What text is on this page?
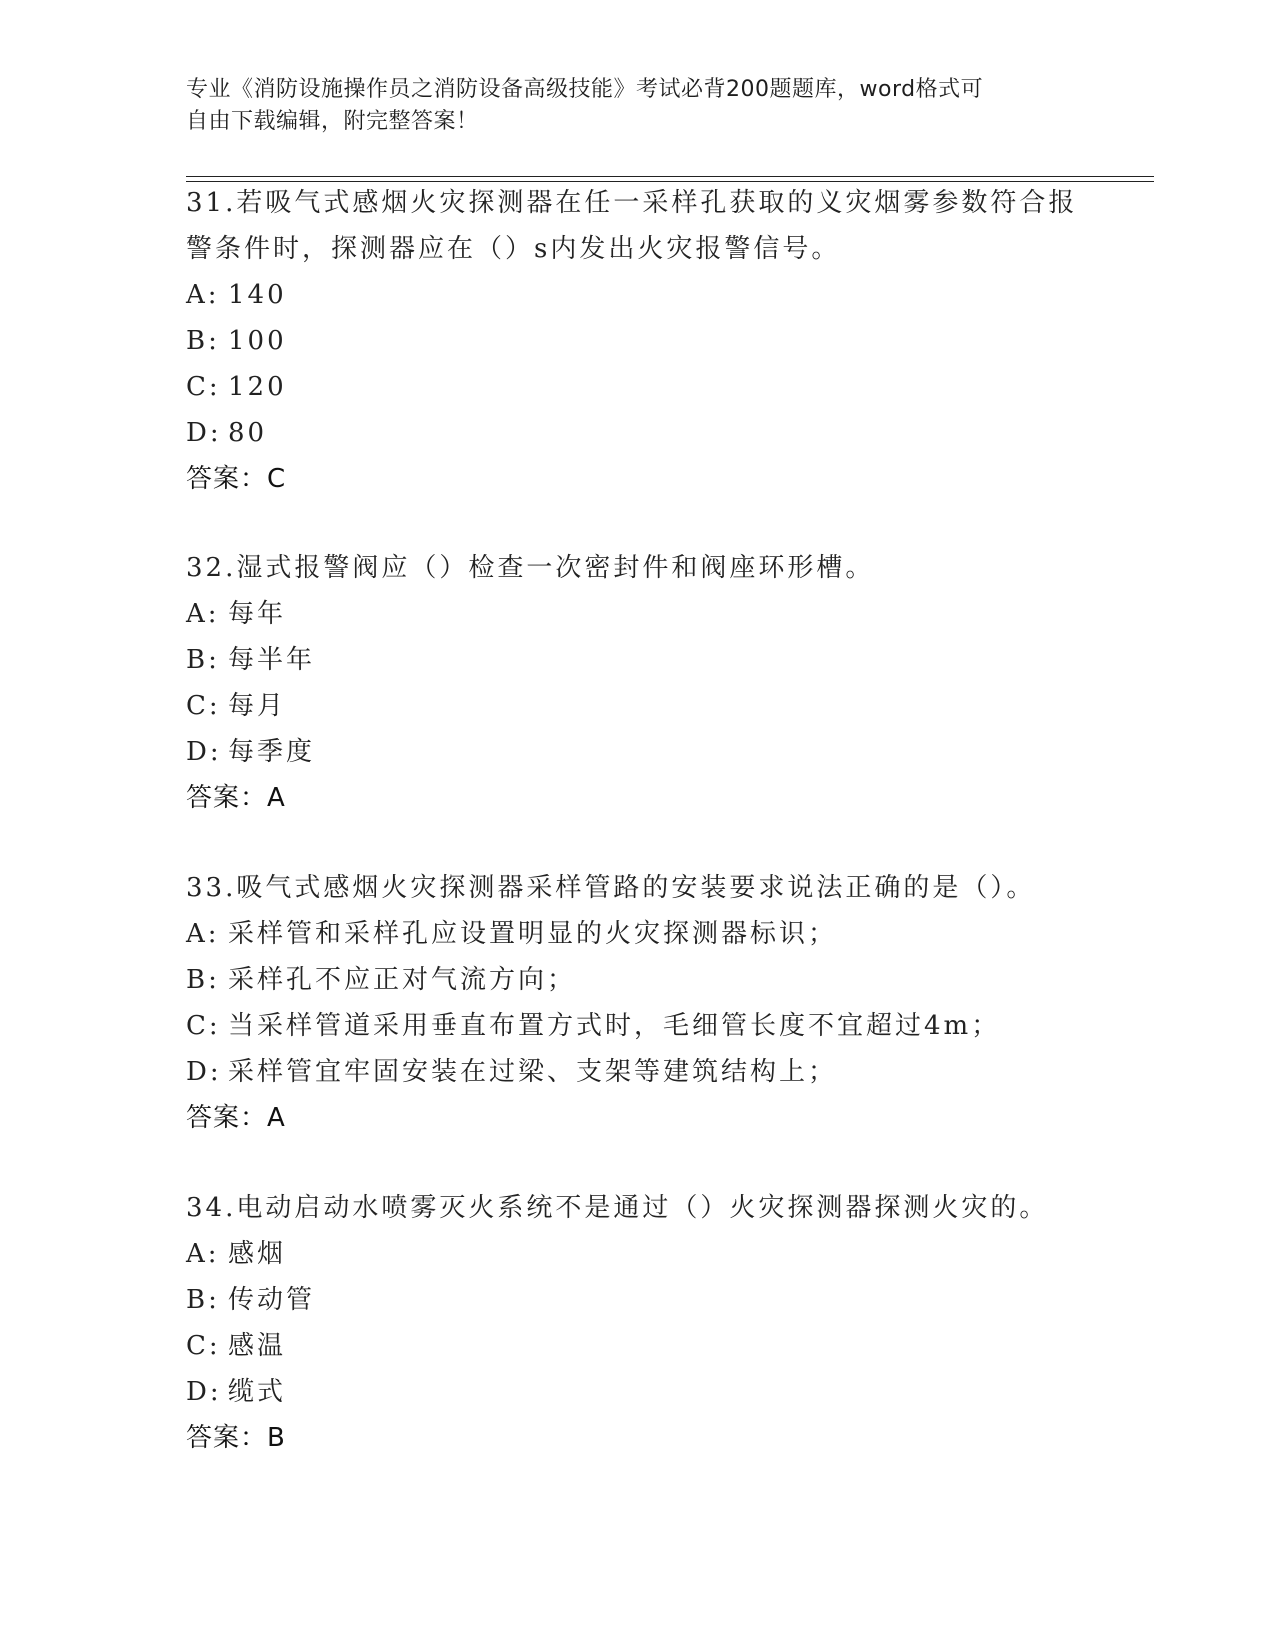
专业《消防设施操作员之消防设备高级技能》考试必背200题题库，word格式可
自由下载编辑，附完整答案！
31.若吸气式感烟火灾探测器在任一采样孔获取的义灾烟雾参数符合报
警条件时，探测器应在（）s内发出火灾报警信号。
A: 140
B: 100
C: 120
D: 80
答案：C
32.湿式报警阀应（）检查一次密封件和阀座环形槽。
A: 每年
B: 每半年
C: 每月
D: 每季度
答案：A
33.吸气式感烟火灾探测器采样管路的安装要求说法正确的是（）。
A: 采样管和采样孔应设置明显的火灾探测器标识；
B: 采样孔不应正对气流方向；
C: 当采样管道采用垂直布置方式时，毛细管长度不宜超过4m；
D: 采样管宜牢固安装在过梁、支架等建筑结构上；
答案：A
34.电动启动水喷雾灭火系统不是通过（）火灾探测器探测火灾的。
A: 感烟
B: 传动管
C: 感温
D: 缆式
答案：B
